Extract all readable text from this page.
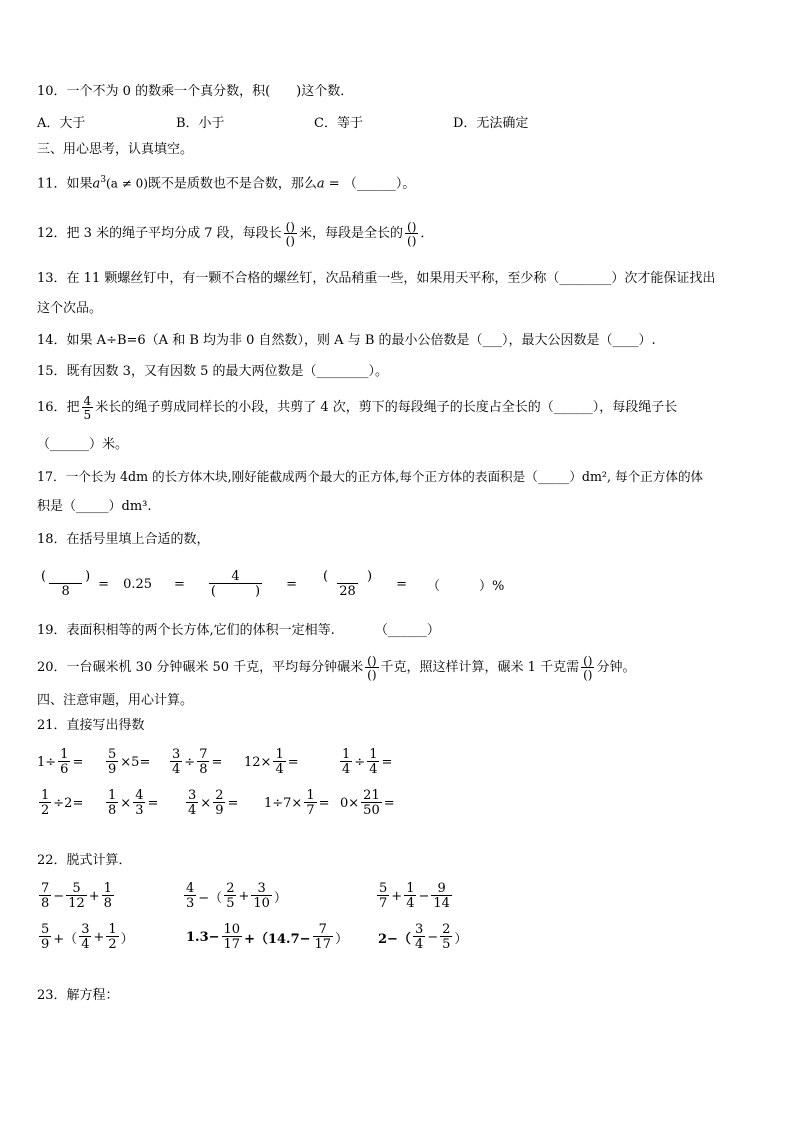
10．一个不为 0 的数乘一个真分数，积(　　)这个数．
A．大于	B．小于	C．等于	D．无法确定
三、用心思考，认真填空。
11．如果$a^3(a \ne 0)$既不是质数也不是合数，那么a = （______）。
12．把 3 米的绳子平均分成 7 段，每段长 $\frac{()}{()}$ 米，每段是全长的 $\frac{()}{()}$ ．
13．在 11 颗螺丝钉中，有一颗不合格的螺丝钉，次品稍重一些，如果用天平称，至少称（________）次才能保证找出
这个次品。
14．如果 A÷B=6（A 和 B 均为非 0 自然数），则 A 与 B 的最小公倍数是（___），最大公因数是（____）.
15．既有因数 3，又有因数 5 的最大两位数是（________）。
16．把 $\frac{4}{5}$ 米长的绳子剪成同样长的小段，共剪了 4 次，剪下的每段绳子的长度占全长的（______），每段绳子长
（______）米。
17．一个长为 4dm 的长方体木块,刚好能截成两个最大的正方体,每个正方体的表面积是（_____）dm², 每个正方体的体
积是（_____）dm³.
18．在括号里填上合适的数，
$\frac{( )}{8} = 0.25 = \frac{4}{( )} = \frac{( )}{28}$ = （　　　）%
19．表面积相等的两个长方体,它们的体积一定相等.	（______）
20．一台碾米机 30 分钟碾米 50 千克，平均每分钟碾米 $\frac{()}{()}$ 千克，照这样计算，碾米 1 千克需 $\frac{()}{()}$ 分钟。
四、注意审题，用心计算。
21．直接写出得数
$1\div \frac{1}{6} = \frac{5}{9} \times 5= \frac{3}{4} \div \frac{7}{8} = 12\times \frac{1}{4}$ =	$\frac{1}{4} \div \frac{1}{4}$ =
$\frac{1}{2} \div 2= \frac{1}{8} \times \frac{4}{3} = \frac{3}{4} \times \frac{2}{9} = 1\div 7\times \frac{1}{7} = 0\times \frac{21}{50}$ =
22．脱式计算．
$\frac{7}{8} - \frac{5}{12} + \frac{1}{8}$	$\frac{4}{3}$ −（ $\frac{2}{5} + \frac{3}{10}$ ）	$\frac{5}{7} + \frac{1}{4} - \frac{9}{14}$
$\frac{5}{9}$ +（ $\frac{3}{4} + \frac{1}{2}$ ）	$1.3- \frac{10}{17} +(14.7- \frac{7}{17}$ ） $2-( \frac{3}{4} - \frac{2}{5}$ ）
23．解方程：
